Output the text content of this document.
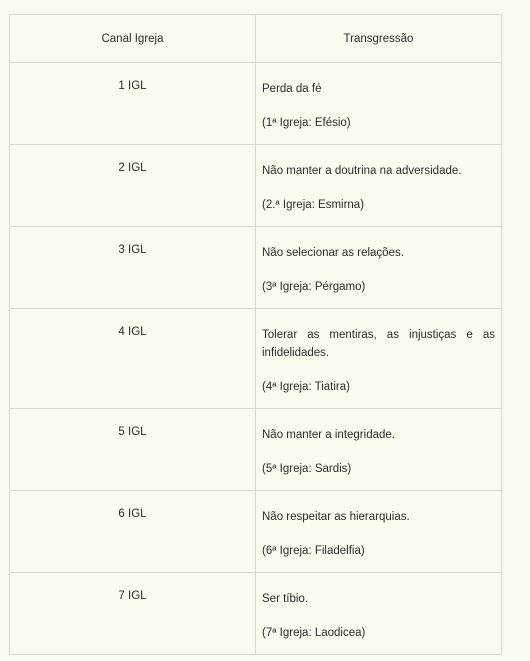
Canal Igreja	Transgressão
1 IGL	Perda da fé
(1ª Igreja: Efésio)

2 IGL	Não manter a doutrina na adversidade.
(2.ª Igreja: Esmirna)

3 IGL	Não selecionar as relações.
(3ª Igreja: Pérgamo)

4 IGL	Tolerar as mentiras, as injustiças e as infidelidades.
(4ª Igreja: Tiatira)

5 IGL	Não manter a integridade.
(5ª Igreja: Sardis)

6 IGL	Não respeitar as hierarquias.
(6ª Igreja: Filadelfia)

7 IGL	Ser tíbio.
(7ª Igreja: Laodicea)
